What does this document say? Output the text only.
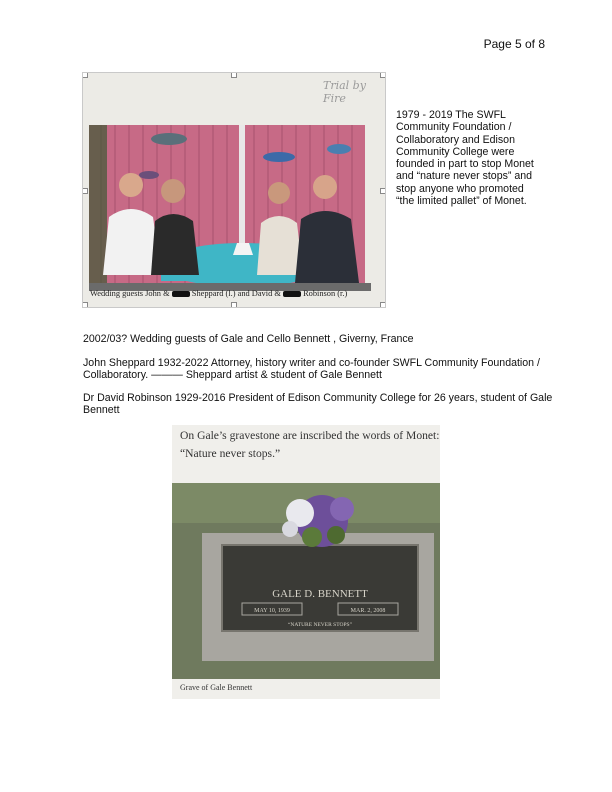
Page 5 of 8
Trial by Fire
Wedding guests John &	Sheppard (l.) and David &	Robinson (r.)
1979 - 2019 The SWFL Community Foundation / Collaboratory and Edison Community College were founded in part to stop Monet and “nature never stops” and stop anyone who promoted “the limited pallet” of Monet.
2002/03? Wedding guests of Gale and Cello Bennett , Giverny, France
John Sheppard 1932-2022 Attorney, history writer and co-founder SWFL Community Foundation / Collaboratory. ——— Sheppard artist & student of Gale Bennett
Dr David Robinson 1929-2016 President of Edison Community College for 26 years, student of Gale Bennett
On Gale’s gravestone are inscribed the words of Monet: “Nature never stops.”
GALE D. BENNETT
MAY 10, 1939	MAR. 2, 2008
“NATURE NEVER STOPS”
Grave of Gale Bennett
